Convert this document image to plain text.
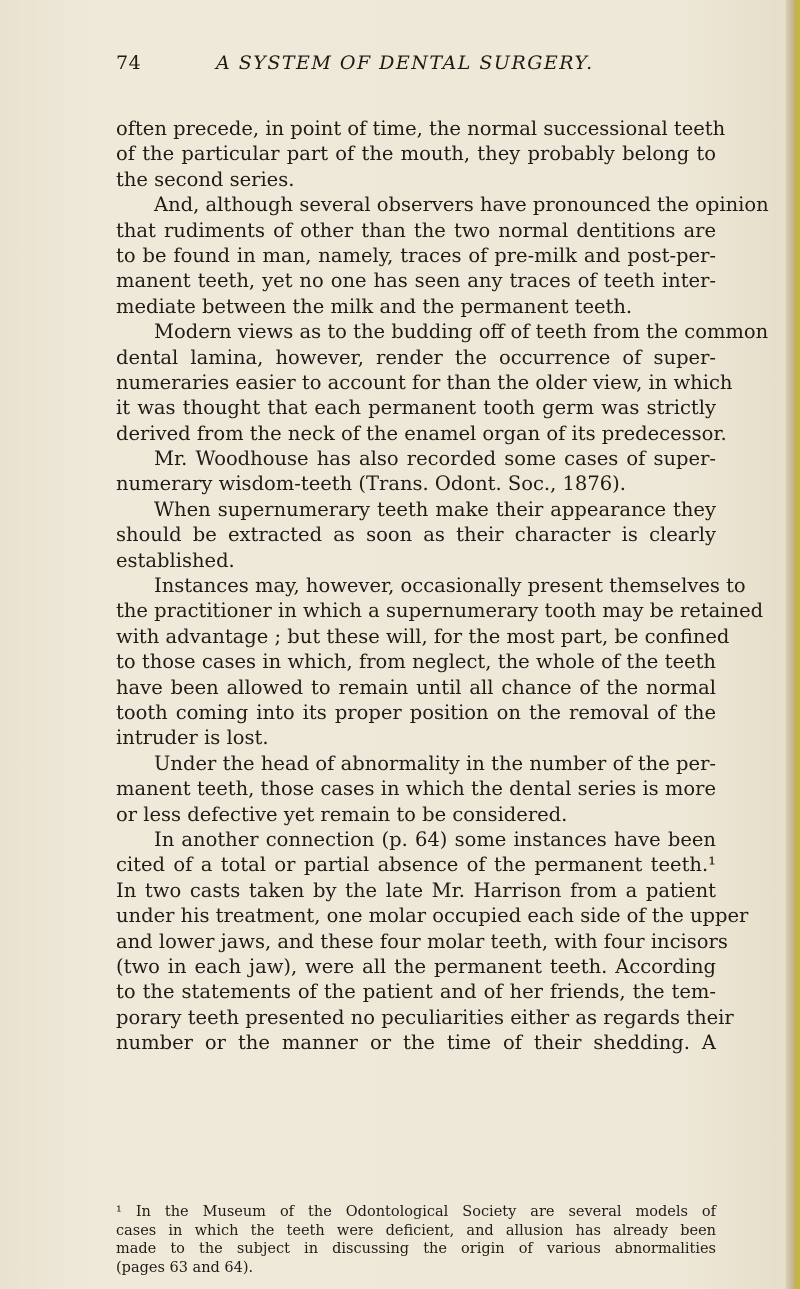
74	A SYSTEM OF DENTAL SURGERY.
often precede, in point of time, the normal successional teeth
of the particular part of the mouth, they probably belong to
the second series.
And, although several observers have pronounced the opinion
that rudiments of other than the two normal dentitions are
to be found in man, namely, traces of pre-milk and post-per-
manent teeth, yet no one has seen any traces of teeth inter-
mediate between the milk and the permanent teeth.
Modern views as to the budding off of teeth from the common
dental lamina, however, render the occurrence of super-
numeraries easier to account for than the older view, in which
it was thought that each permanent tooth germ was strictly
derived from the neck of the enamel organ of its predecessor.
Mr. Woodhouse has also recorded some cases of super-
numerary wisdom-teeth (Trans. Odont. Soc., 1876).
When supernumerary teeth make their appearance they
should be extracted as soon as their character is clearly
established.
Instances may, however, occasionally present themselves to
the practitioner in which a supernumerary tooth may be retained
with advantage ; but these will, for the most part, be confined
to those cases in which, from neglect, the whole of the teeth
have been allowed to remain until all chance of the normal
tooth coming into its proper position on the removal of the
intruder is lost.
Under the head of abnormality in the number of the per-
manent teeth, those cases in which the dental series is more
or less defective yet remain to be considered.
In another connection (p. 64) some instances have been
cited of a total or partial absence of the permanent teeth.¹
In two casts taken by the late Mr. Harrison from a patient
under his treatment, one molar occupied each side of the upper
and lower jaws, and these four molar teeth, with four incisors
(two in each jaw), were all the permanent teeth. According
to the statements of the patient and of her friends, the tem-
porary teeth presented no peculiarities either as regards their
number or the manner or the time of their shedding. A
¹ In the Museum of the Odontological Society are several models of
cases in which the teeth were deficient, and allusion has already been
made to the subject in discussing the origin of various abnormalities
(pages 63 and 64).
